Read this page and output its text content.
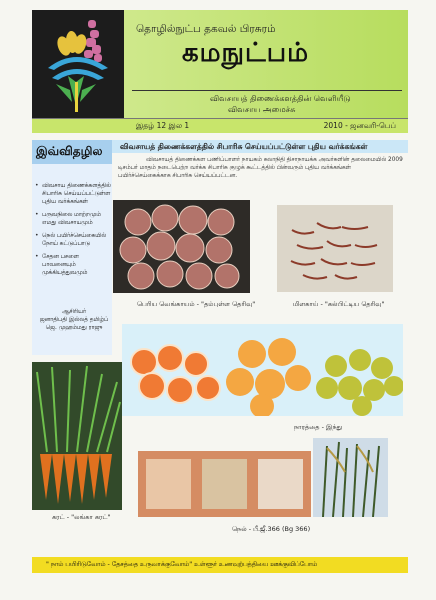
தொழில்நுட்ப தகவல் பிரசுரம்
கமநுட்பம்
விவசாயத் திணைக்களத்தின் வெளியீடு
விவசாய அமைச்சு
இதழ் 12 இல 1	2010 - ஜனவரி-பெப்
இவ்விதழில
• விவசாய திணைக்களத்தில் சிபாரிசு செய்யப்பட்டுள்ள புதிய வர்க்கங்கள்
• பருவநிலை மாற்றமும் எமது விவசாயமும்
• நெல் பயிர்ச்செய்கையில் நோய் கட்டுப்பாடு
• சேதன பசளை பாவனையும் முக்கியத்துவமும்
ஆசிரியர்
ஜனாதிபதி இல்லத் தமிழ்ப்
ஜெ. முஹம்மது ராஜு
விவசாயத் திணைக்களத்தில் சிபாரிசு செய்யப்பட்டுள்ள புதிய வர்க்கங்கள்
விவசாயத் திணைக்கள பணிப்பாளர் நாயகம் கலாநிதி திசாநாயக்க அவர்களின் தலைமையில் 2009 டிசம்பர் மாதம் நடைபெற்ற வர்க்க சிபாரிசு குழுக் கூட்டத்தில் பின்வரும் புதிய வர்க்கங்கள் பயிர்ச்செய்கைக்காக சிபாரிசு செய்யப்பட்டன.
பெரிய வெங்காயம் - "தம்புள்ள தெரிவு"	மிளகாய் - "கல்பிட்டிய தெரிவு"
நாரத்தை - இந்து
கரட் - "லங்கா கரட்"
நெல் - பீ.ஜீ.366 (Bg 366)
" நாம் பயிரிடுவோம் - தேசத்தை உருவாக்குவோம்" உள்ளூர் உணவுற்பத்தியை ஊக்குவிப்போம்
